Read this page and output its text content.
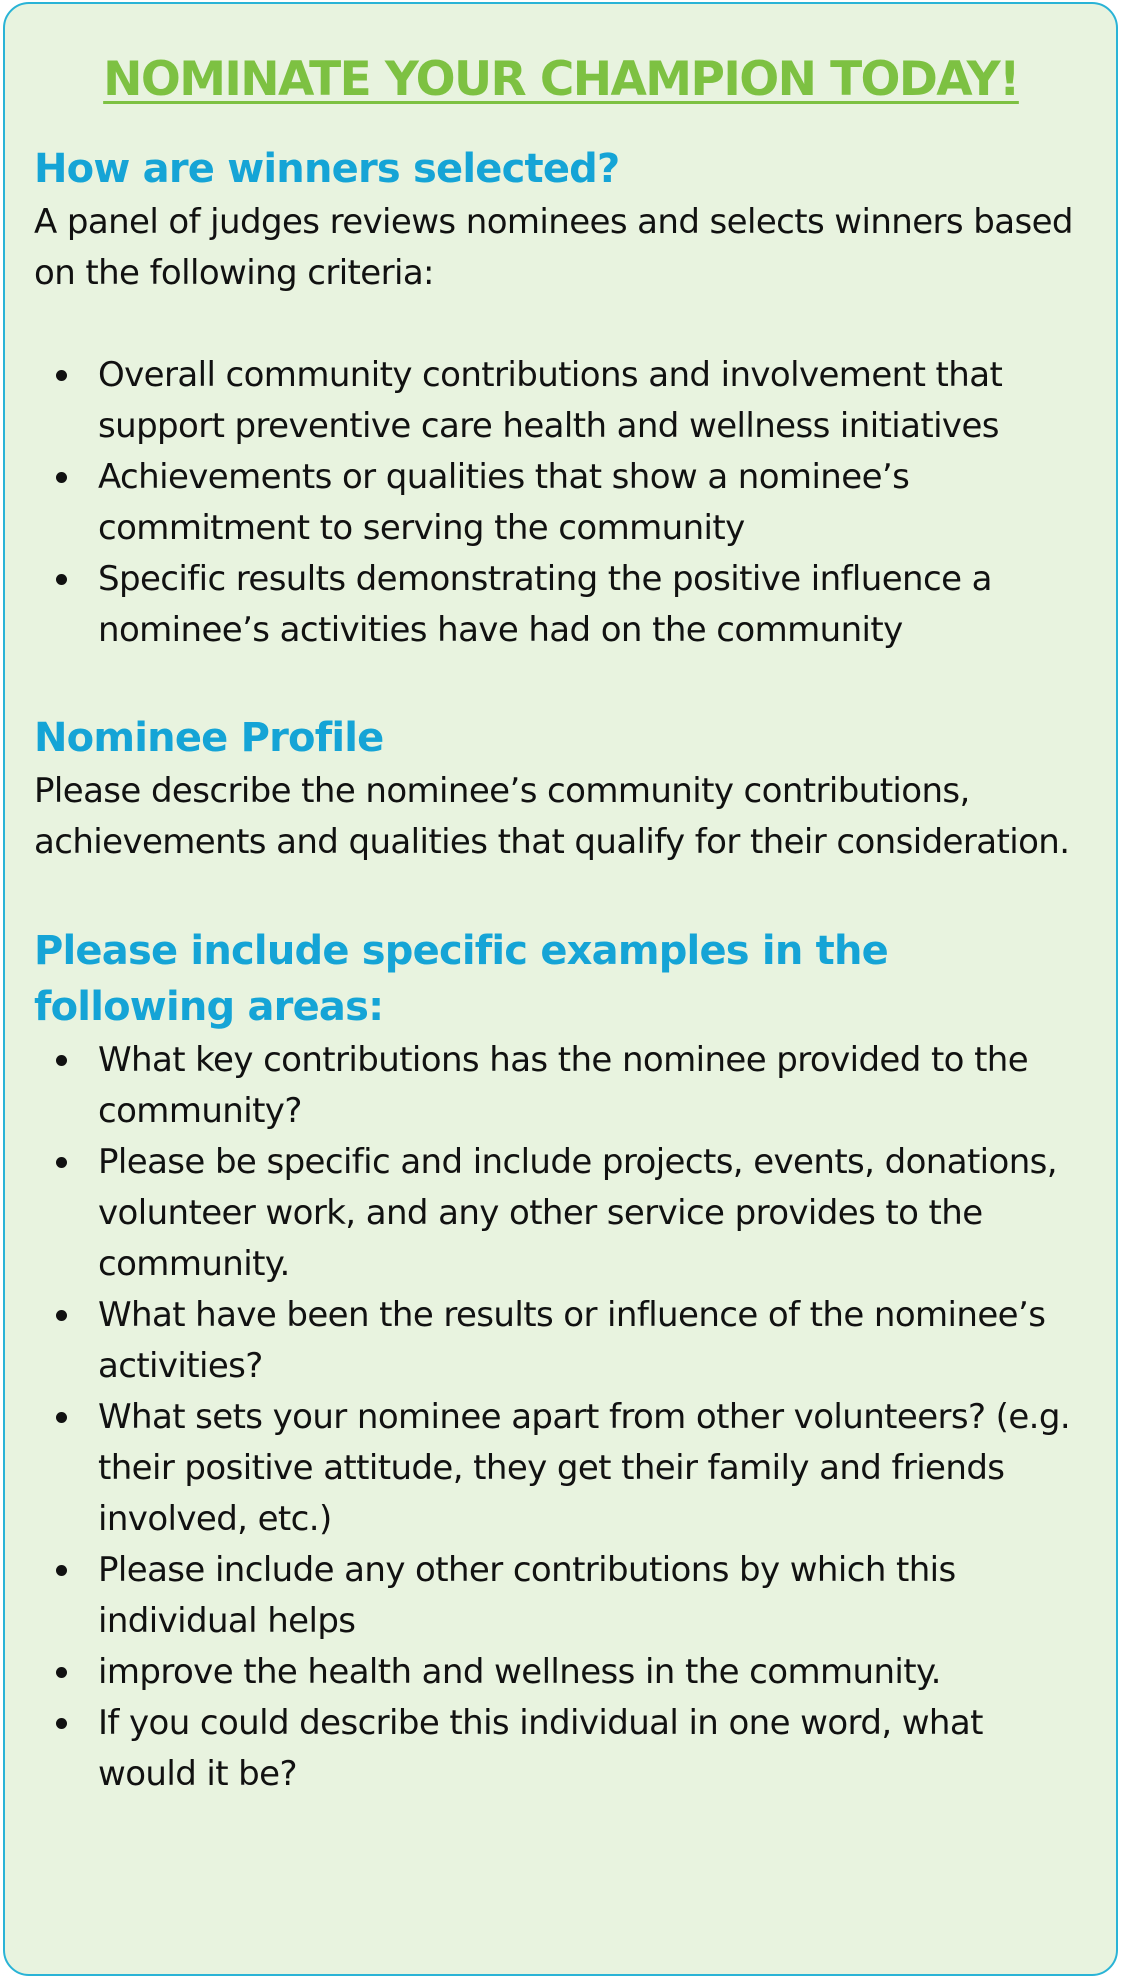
NOMINATE YOUR CHAMPION TODAY!
How are winners selected?

A panel of judges reviews nominees and selects winners based on the following criteria:

Overall community contributions and involvement that support preventive care health and wellness initiatives
Achievements or qualities that show a nominee’s commitment to serving the community
Specific results demonstrating the positive influence a nominee’s activities have had on the community
Nominee Profile

Please describe the nominee’s community contributions, achievements and qualities that qualify for their consideration.

Please include specific examples in the following areas:
What key contributions has the nominee provided to the community?
Please be specific and include projects, events, donations, volunteer work, and any other service provides to the community.
What have been the results or influence of the nominee’s activities?
What sets your nominee apart from other volunteers? (e.g. their positive attitude, they get their family and friends involved, etc.)
Please include any other contributions by which this individual helps
improve the health and wellness in the community.
If you could describe this individual in one word, what would it be?
